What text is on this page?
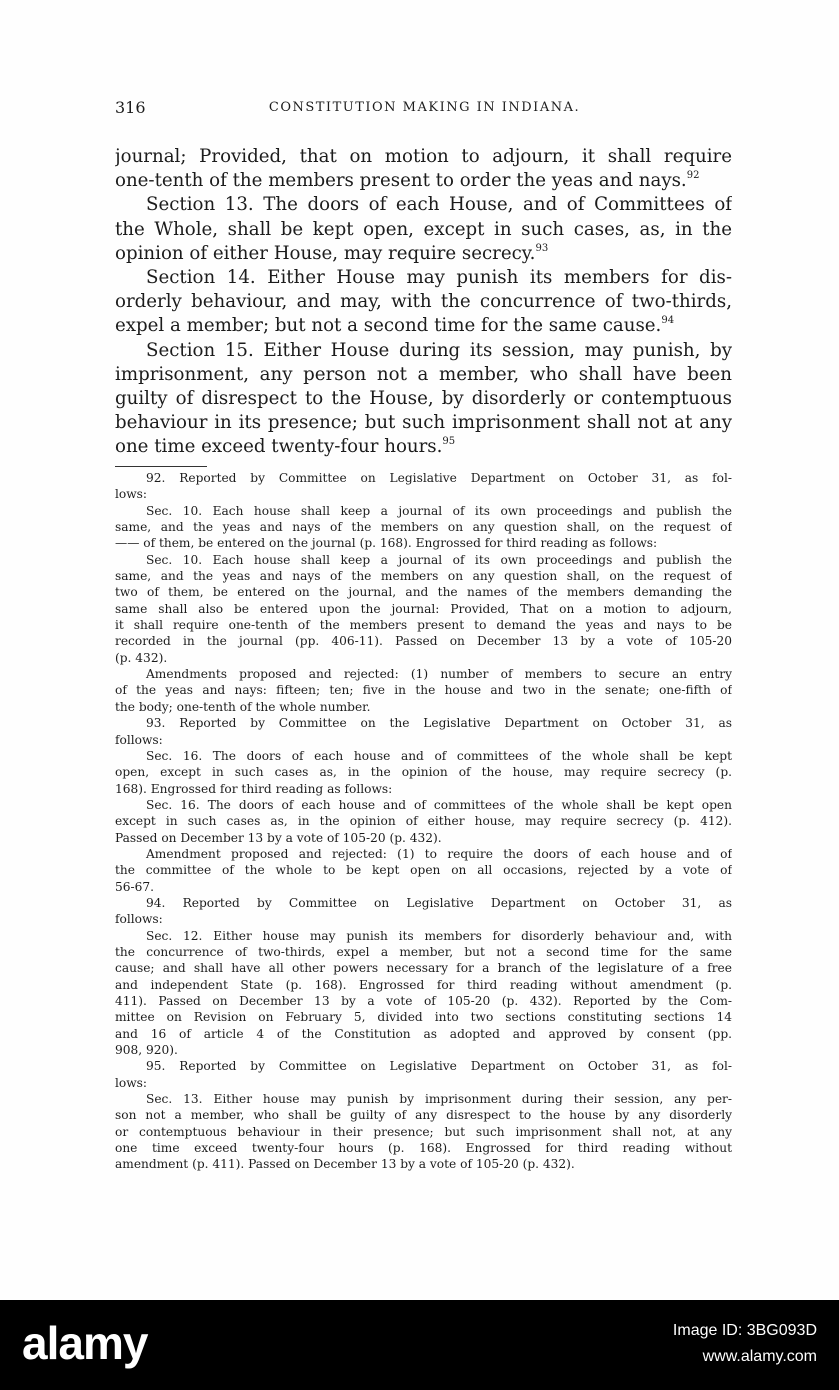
316	CONSTITUTION MAKING IN INDIANA.
journal; Provided, that on motion to adjourn, it shall require
one-tenth of the members present to order the yeas and nays.$^{92}$
Section 13. The doors of each House, and of Committees of
the Whole, shall be kept open, except in such cases, as, in the
opinion of either House, may require secrecy.$^{93}$
Section 14. Either House may punish its members for dis-
orderly behaviour, and may, with the concurrence of two-thirds,
expel a member; but not a second time for the same cause.$^{94}$
Section 15. Either House during its session, may punish, by
imprisonment, any person not a member, who shall have been
guilty of disrespect to the House, by disorderly or contemptuous
behaviour in its presence; but such imprisonment shall not at any
one time exceed twenty-four hours.$^{95}$
92. Reported by Committee on Legislative Department on October 31, as fol-
lows:
Sec. 10. Each house shall keep a journal of its own proceedings and publish the
same, and the yeas and nays of the members on any question shall, on the request of
—— of them, be entered on the journal (p. 168). Engrossed for third reading as follows:
Sec. 10. Each house shall keep a journal of its own proceedings and publish the
same, and the yeas and nays of the members on any question shall, on the request of
two of them, be entered on the journal, and the names of the members demanding the
same shall also be entered upon the journal: Provided, That on a motion to adjourn,
it shall require one-tenth of the members present to demand the yeas and nays to be
recorded in the journal (pp. 406-11). Passed on December 13 by a vote of 105-20
(p. 432).
Amendments proposed and rejected: (1) number of members to secure an entry
of the yeas and nays: fifteen; ten; five in the house and two in the senate; one-fifth of
the body; one-tenth of the whole number.
93. Reported by Committee on the Legislative Department on October 31, as
follows:
Sec. 16. The doors of each house and of committees of the whole shall be kept
open, except in such cases as, in the opinion of the house, may require secrecy (p.
168). Engrossed for third reading as follows:
Sec. 16. The doors of each house and of committees of the whole shall be kept open
except in such cases as, in the opinion of either house, may require secrecy (p. 412).
Passed on December 13 by a vote of 105-20 (p. 432).
Amendment proposed and rejected: (1) to require the doors of each house and of
the committee of the whole to be kept open on all occasions, rejected by a vote of
56-67.
94. Reported by Committee on Legislative Department on October 31, as
follows:
Sec. 12. Either house may punish its members for disorderly behaviour and, with
the concurrence of two-thirds, expel a member, but not a second time for the same
cause; and shall have all other powers necessary for a branch of the legislature of a free
and independent State (p. 168). Engrossed for third reading without amendment (p.
411). Passed on December 13 by a vote of 105-20 (p. 432). Reported by the Com-
mittee on Revision on February 5, divided into two sections constituting sections 14
and 16 of article 4 of the Constitution as adopted and approved by consent (pp.
908, 920).
95. Reported by Committee on Legislative Department on October 31, as fol-
lows:
Sec. 13. Either house may punish by imprisonment during their session, any per-
son not a member, who shall be guilty of any disrespect to the house by any disorderly
or contemptuous behaviour in their presence; but such imprisonment shall not, at any
one time exceed twenty-four hours (p. 168). Engrossed for third reading without
amendment (p. 411). Passed on December 13 by a vote of 105-20 (p. 432).
alamy	Image ID: 3BG093D
www.alamy.com
